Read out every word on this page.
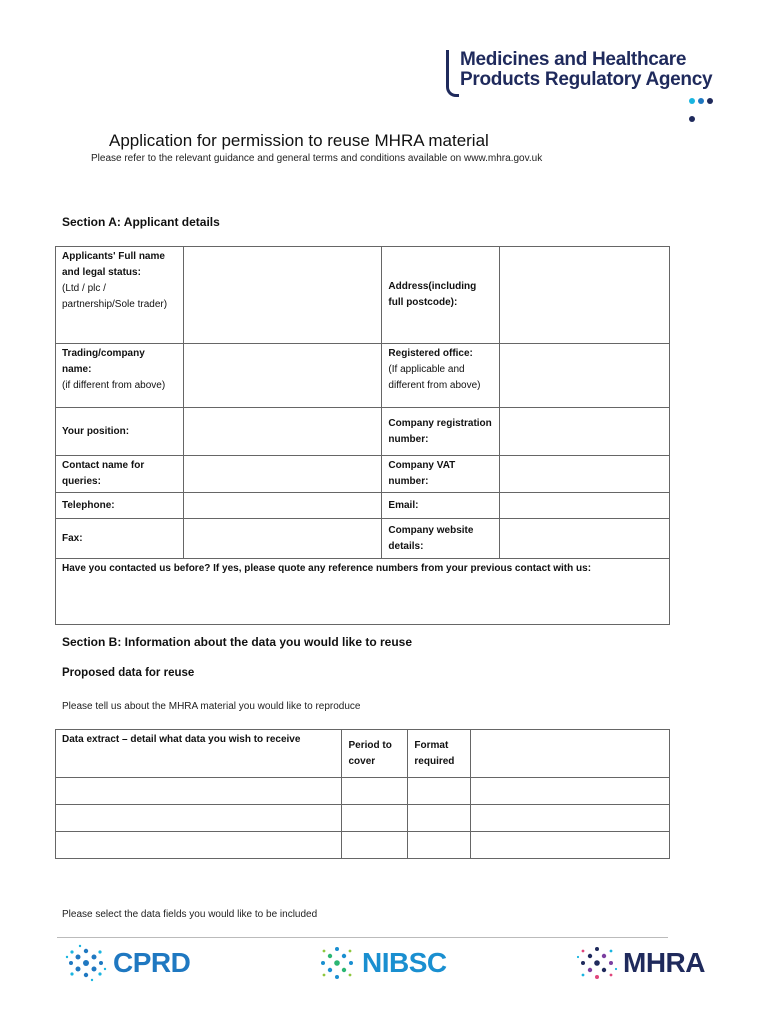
Medicines and Healthcare
Products Regulatory Agency
Application for permission to reuse MHRA material
Please refer to the relevant guidance and general terms and conditions available on www.mhra.gov.uk
Section A: Applicant details
Applicants' Full name and legal status:
(Ltd / plc / partnership/Sole trader)		Address(including full postcode):	
Trading/company name:
(if different from above)		Registered office:
(If applicable and different from above)	
Your position:		Company registration number:	
Contact name for queries:		Company VAT number:	
Telephone:		Email:	
Fax:		Company website details:	
Have you contacted us before? If yes, please quote any reference numbers from your previous contact with us:			
Section B: Information about the data you would like to reuse
Proposed data for reuse
Please tell us about the MHRA material you would like to reproduce
Data extract – detail what data you wish to receive	Period to cover	Format required	

Please select the data fields you would like to be included
CPRD	NIBSC	MHRA
